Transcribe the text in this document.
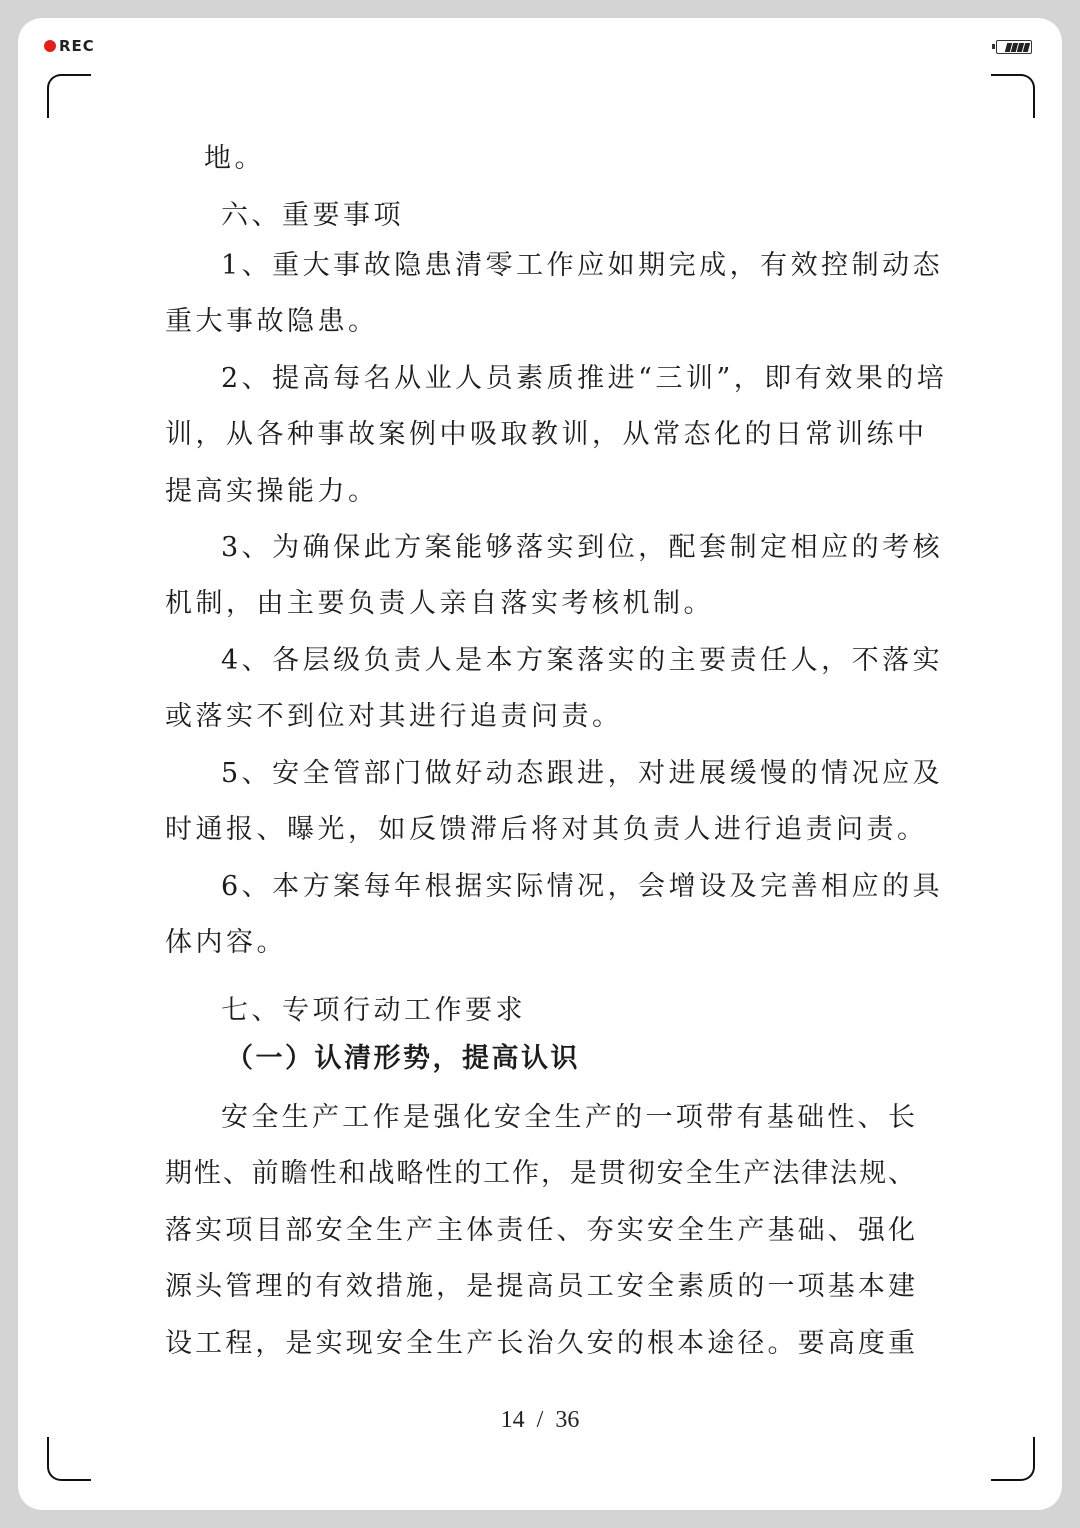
REC
地。
六、重要事项
1、重大事故隐患清零工作应如期完成，有效控制动态
重大事故隐患。
2、提高每名从业人员素质推进“三训”，即有效果的培
训，从各种事故案例中吸取教训，从常态化的日常训练中
提高实操能力。
3、为确保此方案能够落实到位，配套制定相应的考核
机制，由主要负责人亲自落实考核机制。
4、各层级负责人是本方案落实的主要责任人，不落实
或落实不到位对其进行追责问责。
5、安全管部门做好动态跟进，对进展缓慢的情况应及
时通报、曝光，如反馈滞后将对其负责人进行追责问责。
6、本方案每年根据实际情况，会增设及完善相应的具
体内容。
七、专项行动工作要求
（一）认清形势，提高认识
安全生产工作是强化安全生产的一项带有基础性、长
期性、前瞻性和战略性的工作，是贯彻安全生产法律法规、
落实项目部安全生产主体责任、夯实安全生产基础、强化
源头管理的有效措施，是提高员工安全素质的一项基本建
设工程，是实现安全生产长治久安的根本途径。要高度重
14 / 36
